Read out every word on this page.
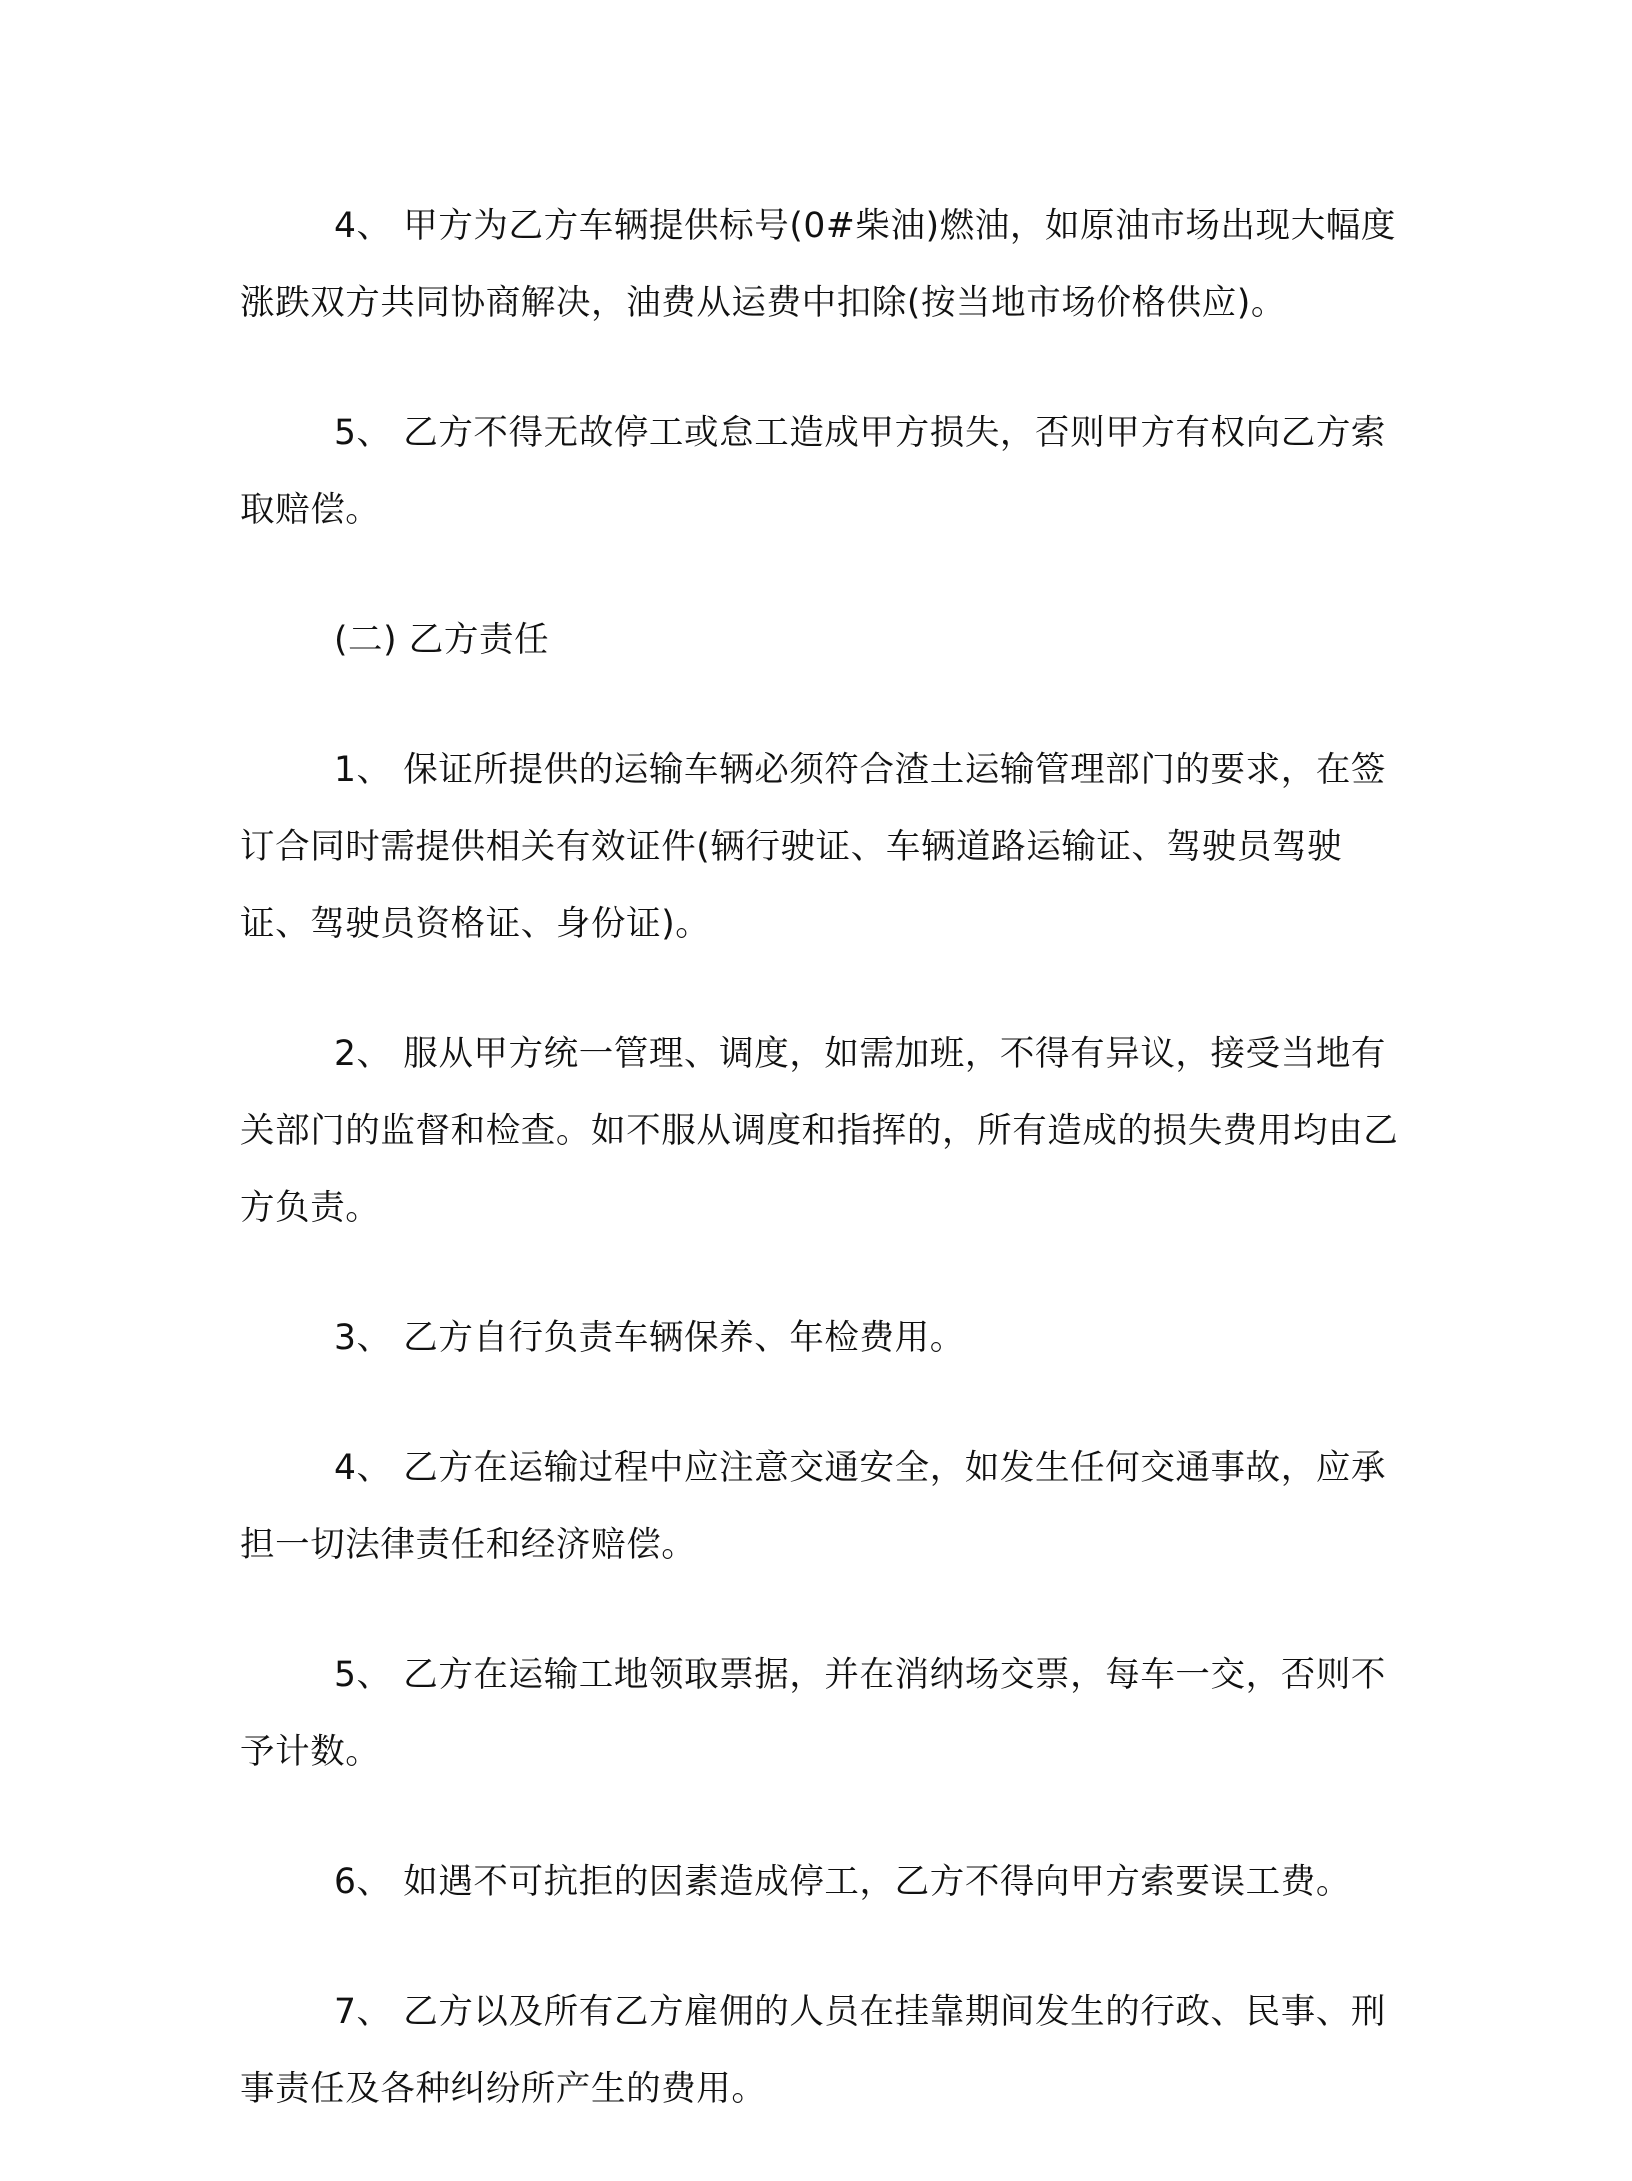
4、 甲方为乙方车辆提供标号(0#柴油)燃油，如原油市场出现大幅度涨跌双方共同协商解决，油费从运费中扣除(按当地市场价格供应)。

5、 乙方不得无故停工或怠工造成甲方损失，否则甲方有权向乙方索取赔偿。

(二) 乙方责任

1、 保证所提供的运输车辆必须符合渣土运输管理部门的要求，在签订合同时需提供相关有效证件(辆行驶证、车辆道路运输证、驾驶员驾驶证、驾驶员资格证、身份证)。

2、 服从甲方统一管理、调度，如需加班，不得有异议，接受当地有关部门的监督和检查。如不服从调度和指挥的，所有造成的损失费用均由乙方负责。

3、 乙方自行负责车辆保养、年检费用。

4、 乙方在运输过程中应注意交通安全，如发生任何交通事故，应承担一切法律责任和经济赔偿。

5、 乙方在运输工地领取票据，并在消纳场交票，每车一交，否则不予计数。

6、 如遇不可抗拒的因素造成停工，乙方不得向甲方索要误工费。

7、 乙方以及所有乙方雇佣的人员在挂靠期间发生的行政、民事、刑事责任及各种纠纷所产生的费用。
